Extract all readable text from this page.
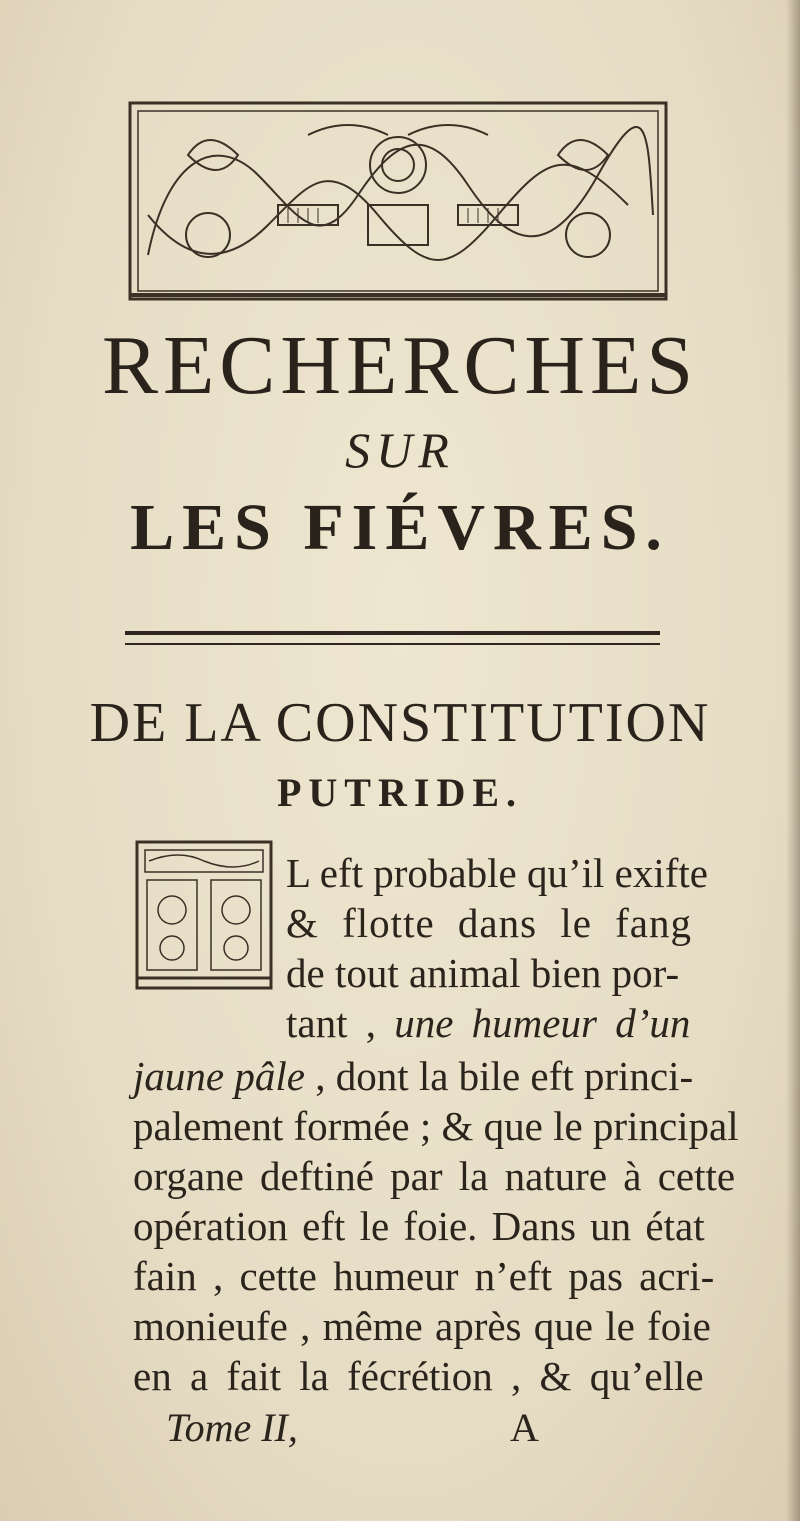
RECHERCHES
SUR
LES FIÉVRES.
DE LA CONSTITUTION
PUTRIDE.
L eft probable qu’il exifte
& flotte dans le fang
de tout animal bien por-
tant , une humeur d’un
jaune pâle , dont la bile eft princi-
palement formée ; & que le principal
organe deftiné par la nature à cette
opération eft le foie. Dans un état
fain , cette humeur n’eft pas acri-
monieufe , même après que le foie
en a fait la fécrétion , & qu’elle
Tome II,	A
